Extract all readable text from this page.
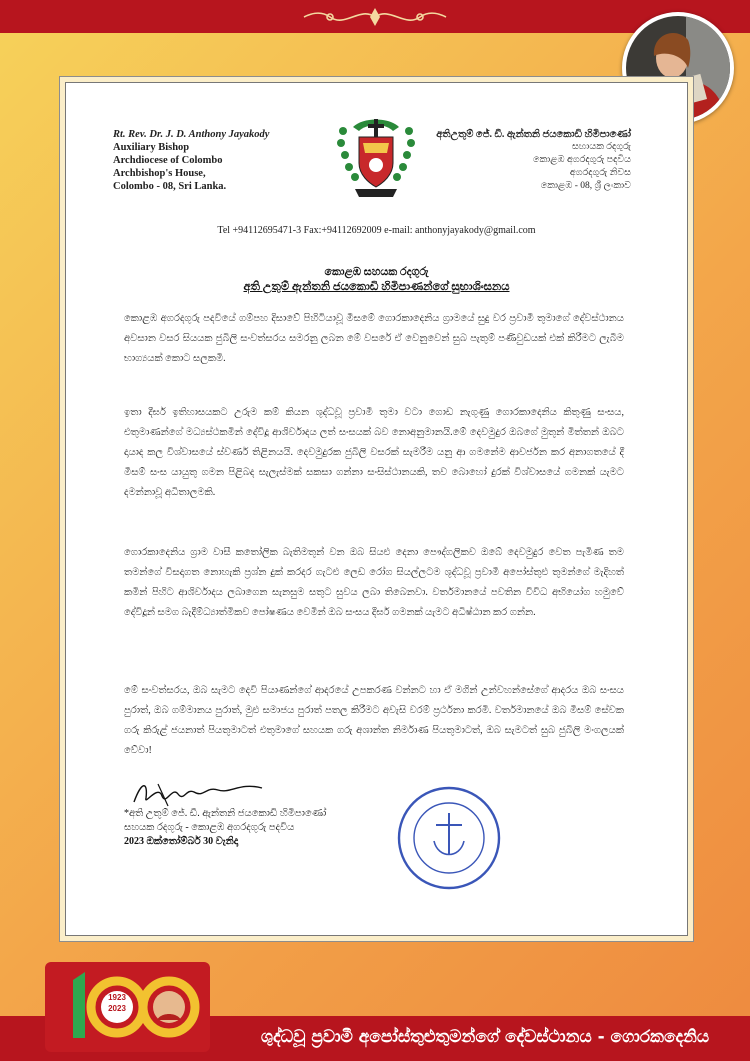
Rt. Rev. Dr. J. D. Anthony Jayakody
Auxiliary Bishop
Archdiocese of Colombo
Archbishop's House,
Colombo - 08, Sri Lanka.
අතිඋතුම් ජේ. ඩී. ඇන්තනි ජයකොඩි හිමිපාණෝ
සහායක රදගුරු
කොළඹ අගරදගුරු පදවිය
අගරදගුරු නිවස
කොළඹ - 08, ශ්‍රී ලංකාව
Tel +94112695471-3 Fax:+94112692009 e-mail: anthonyjayakody@gmail.com
කොළඹ සහයක රදගුරු
අති උතුම් ඇන්තනි ජයකොඩි හිමිපාණන්ගේ සුභාශිංසනය

කොළඹ අගරදගුරු පදවියේ ගම්පහ දිසාවේ පිහිටියාවූ මීසමේ ගොරකාදෙනිය ග්‍රාමයේ සුදු වර ප්‍රවාමී තුමාගේ දේවස්ථානය අවසාන වසර සියයක ජුබිලි සංවත්සරය සමරනු ලබන මේ වසරේ ඒ වෙනුවෙන් සුබ පැතුම් පණිවුඩයක් එක් කිරීමට ලැබීම භාග්‍යයක් කොට සලකමි.

ඉතා දීර්ඝ ඉතිහාසයකට උරුම කම් කියන ශුද්ධවූ ප්‍රවාමී තුමා වටා ගොඩ නැගුණු ගොරකාදෙනිය කිතුණු සංසය, එතුමාණන්ගේ මධ්‍යස්ථකමින් දේවිදූ ආශිර්වාදය ලත් සංසයක් බව නොඅනුමානයි.මේ දෙවමුදුර ඔබගේ මුතුන් මිත්තන් ඔබට දායාද කල විශ්වාසයේ ස්වර්ණ තිළිනයයි. දෙවමුදුරක ජුබිලි වසරක් සැමරීම යනු ආ ගමනේම ආවර්ජන කර අනාගතයේ දී මීසම් සංස යායුතු ගමන පිළිබද සැලැස්මක් සකසා ගන්නා සංසිස්ථානයකි, තව බොහෝ දුරක් විශ්වාසයේ ගමනක් යැමට දමන්නාවූ අධිතාලමකි.

ගොරකාදෙනිය ග්‍රාම වාසී කතෝලික බැතිමතුන් වන ඔබ සියළු දෙනා පෞද්ගලිකව ඔබේ දෙවමුදුර වෙත පැමිණ තම තමන්ගේ විසදාගත නොහැකි ප්‍රශ්න දුක් කරදර ගැටළු ලෙඩ රෝග සියල්ලටම ශුද්ධවූ ප්‍රවාමී අපෝස්තුළු තුමන්ගේ මැදිහත් කමින් පිහිට ආශිර්වාදය ලබාගෙන සැනසුම සතුට සුවය ලබා තිබෙනවා. වර්තමානයේ පවතින විවිධ අභියෝග හමුවේ දේවිදූන් සමග බැදීම්ධ්‍යාත්මිකව පෝෂණය වෙමින් ඔබ සංසය දීර්ඝ ගමනක් යැමට අධිෂ්ඨාන කර ගන්න.

මේ සංවත්සරය, ඔබ සැමට දෙවි පියාණන්ගේ ආදරයේ උපකරණ වන්නට හා ඒ මගින් උන්වහන්සේගේ ආදරය ඔබ සංසය පුරාත්, ඔබ ගම්මානය පුරාත්, මුළු සමාජය පුරාත් පතල කිරීමට අවැසි වරම් ප්‍රර්ථනා කරමි. වර්තමානයේ ඔබ මීසම් සේවක ගරු කිරුළ් ජයනාත් පියතුමාටත් එතුමාගේ සහයක ගරු අශාන්ත නිර්මාණ පියතුමාටත්, ඔබ සැමටත් සුබ ජුබිලි මංගලයක් වේවා!

*අති උතුම් ජේ. ඩී. ඇන්තනි ජයකොඩි හිමිපාණෝ
සහයක රදගුරු - කොළඹ අගරදගුරු පදවිය
2023 ඔක්තෝම්බර් 30 වැනිදා
1923
2023
ශුද්ධවූ ප්‍රවාමී අපෝස්තුළුතුමන්ගේ දේවස්ථානය - ගොරකදෙනිය
